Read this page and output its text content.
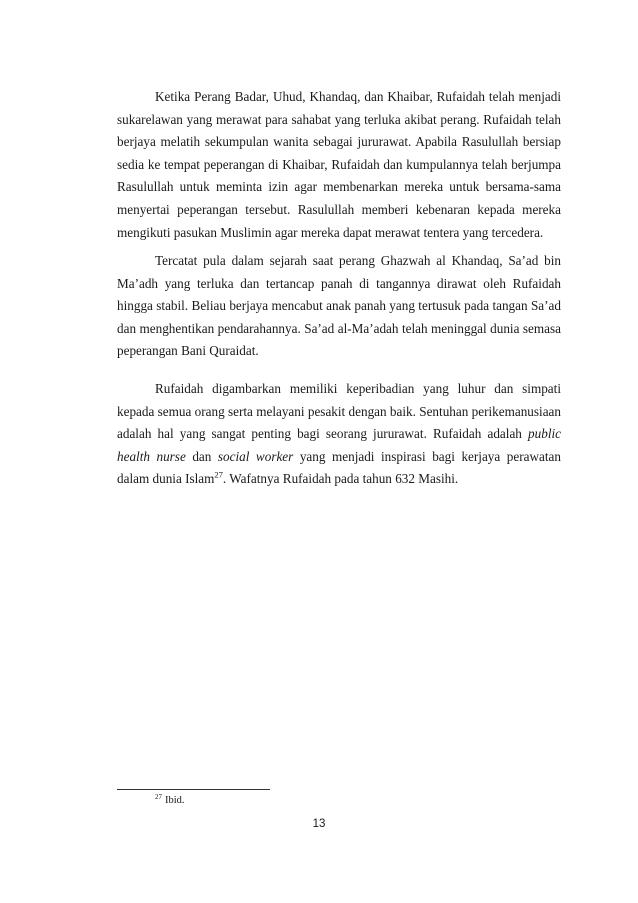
Ketika Perang Badar, Uhud, Khandaq, dan Khaibar, Rufaidah telah menjadi sukarelawan yang merawat para sahabat yang terluka akibat perang. Rufaidah telah berjaya melatih sekumpulan wanita sebagai jururawat. Apabila Rasulullah bersiap sedia ke tempat peperangan di Khaibar, Rufaidah dan kumpulannya telah berjumpa Rasulullah untuk meminta izin agar membenarkan mereka untuk bersama-sama menyertai peperangan tersebut. Rasulullah memberi kebenaran kepada mereka mengikuti pasukan Muslimin agar mereka dapat merawat tentera yang tercedera.

Tercatat pula dalam sejarah saat perang Ghazwah al Khandaq, Sa’ad bin Ma’adh yang terluka dan tertancap panah di tangannya dirawat oleh Rufaidah hingga stabil. Beliau berjaya mencabut anak panah yang tertusuk pada tangan Sa’ad dan menghentikan pendarahannya. Sa’ad al-Ma’adah telah meninggal dunia semasa peperangan Bani Quraidat.

Rufaidah digambarkan memiliki keperibadian yang luhur dan simpati kepada semua orang serta melayani pesakit dengan baik. Sentuhan perikemanusiaan adalah hal yang sangat penting bagi seorang jururawat. Rufaidah adalah public health nurse dan social worker yang menjadi inspirasi bagi kerjaya perawatan dalam dunia Islam$^{27}$. Wafatnya Rufaidah pada tahun 632 Masihi.

$^{27}$ Ibid.
13
